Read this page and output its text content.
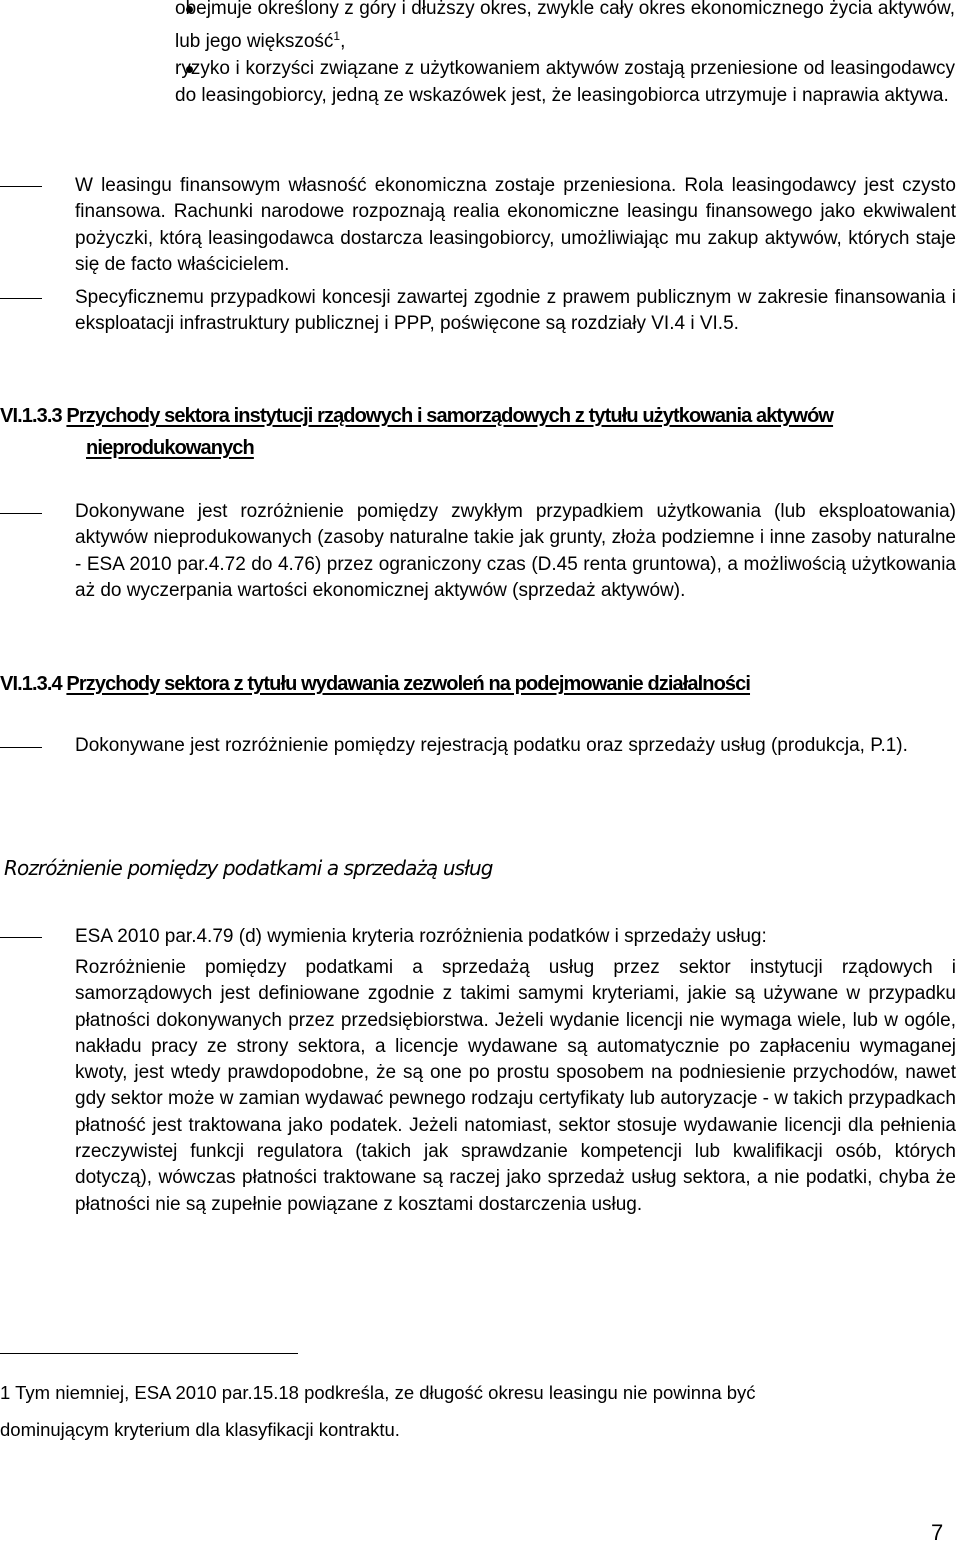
obejmuje określony z góry i dłuższy okres, zwykle cały okres ekonomicznego życia aktywów, lub jego większość$^1$,
ryzyko i korzyści związane z użytkowaniem aktywów zostają przeniesione od leasingodawcy do leasingobiorcy, jedną ze wskazówek jest, że leasingobiorca utrzymuje i naprawia aktywa.
W leasingu finansowym własność ekonomiczna zostaje przeniesiona. Rola leasingodawcy jest czysto finansowa. Rachunki narodowe rozpoznają realia ekonomiczne leasingu finansowego jako ekwiwalent pożyczki, którą leasingodawca dostarcza leasingobiorcy, umożliwiając mu zakup aktywów, których staje się de facto właścicielem.
Specyficznemu przypadkowi koncesji zawartej zgodnie z prawem publicznym w zakresie finansowania i eksploatacji infrastruktury publicznej i PPP, poświęcone są rozdziały VI.4 i VI.5.
VI.1.3.3 Przychody sektora instytucji rządowych i samorządowych z tytułu użytkowania aktywów
nieprodukowanych
Dokonywane jest rozróżnienie pomiędzy zwykłym przypadkiem użytkowania (lub eksploatowania) aktywów nieprodukowanych (zasoby naturalne takie jak grunty, złoża podziemne i inne zasoby naturalne - ESA 2010 par.4.72 do 4.76) przez ograniczony czas (D.45 renta gruntowa), a możliwością użytkowania aż do wyczerpania wartości ekonomicznej aktywów (sprzedaż aktywów).
VI.1.3.4 Przychody sektora z tytułu wydawania zezwoleń na podejmowanie działalności
Dokonywane jest rozróżnienie pomiędzy rejestracją podatku oraz sprzedaży usług (produkcja, P.1).
Rozróżnienie pomiędzy podatkami a sprzedażą usług
ESA 2010 par.4.79 (d) wymienia kryteria rozróżnienia podatków i sprzedaży usług:
Rozróżnienie pomiędzy podatkami a sprzedażą usług przez sektor instytucji rządowych i samorządowych jest definiowane zgodnie z takimi samymi kryteriami, jakie są używane w przypadku płatności dokonywanych przez przedsiębiorstwa. Jeżeli wydanie licencji nie wymaga wiele, lub w ogóle, nakładu pracy ze strony sektora, a licencje wydawane są automatycznie po zapłaceniu wymaganej kwoty, jest wtedy prawdopodobne, że są one po prostu sposobem na podniesienie przychodów, nawet gdy sektor może w zamian wydawać pewnego rodzaju certyfikaty lub autoryzacje - w takich przypadkach płatność jest traktowana jako podatek. Jeżeli natomiast, sektor stosuje wydawanie licencji dla pełnienia rzeczywistej funkcji regulatora (takich jak sprawdzanie kompetencji lub kwalifikacji osób, których dotyczą), wówczas płatności traktowane są raczej jako sprzedaż usług sektora, a nie podatki, chyba że płatności nie są zupełnie powiązane z kosztami dostarczenia usług.
1 Tym niemniej, ESA 2010 par.15.18 podkreśla, ze długość okresu leasingu nie powinna być
dominującym kryterium dla klasyfikacji kontraktu.
7
